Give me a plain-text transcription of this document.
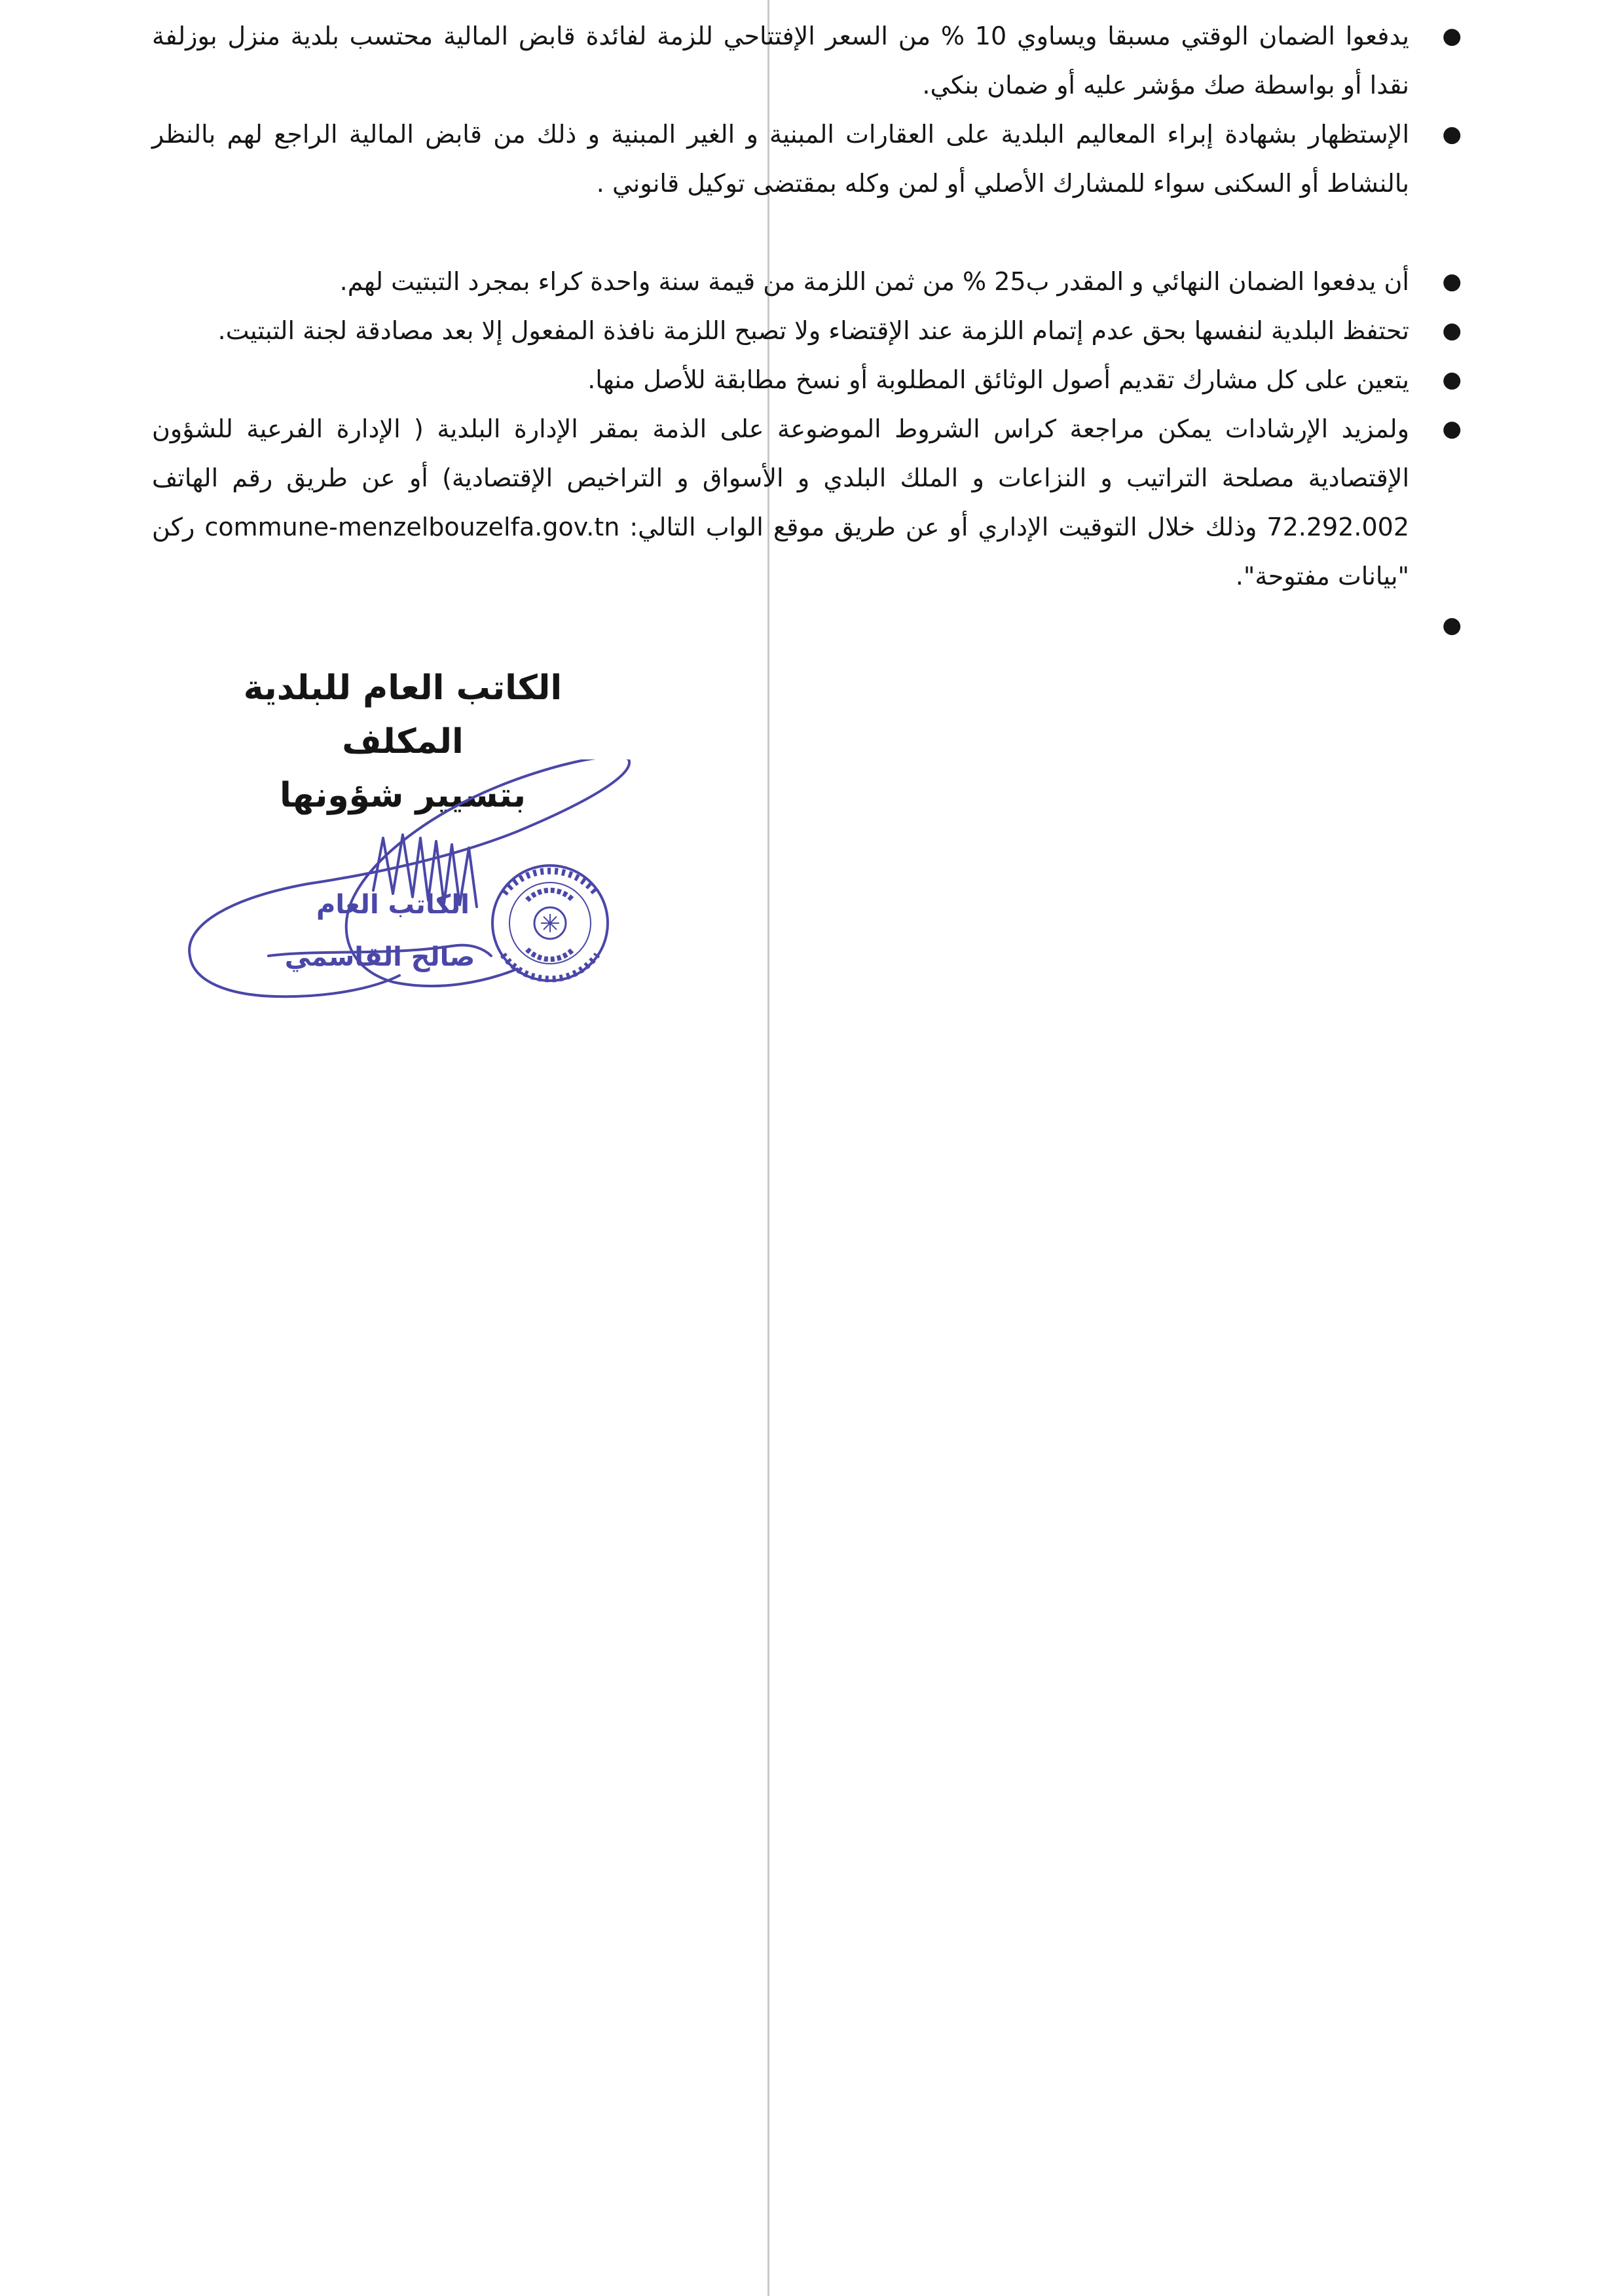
●
يدفعوا الضمان الوقتي مسبقا ويساوي 10 % من السعر الإفتتاحي للزمة لفائدة قابض المالية محتسب بلدية منزل بوزلفة نقدا أو بواسطة صك مؤشر عليه أو ضمان بنكي.
●
الإستظهار بشهادة إبراء المعاليم البلدية على العقارات المبنية و الغير المبنية و ذلك من قابض المالية الراجع لهم بالنظر بالنشاط أو السكنى سواء للمشارك الأصلي أو لمن وكله بمقتضى توكيل قانوني .
●
أن يدفعوا الضمان النهائي و المقدر ب25 % من ثمن اللزمة من قيمة سنة واحدة كراء بمجرد التبتيت لهم.
●
تحتفظ البلدية لنفسها بحق عدم إتمام اللزمة عند الإقتضاء ولا تصبح اللزمة نافذة المفعول إلا بعد مصادقة لجنة التبتيت.
●
يتعين على كل مشارك تقديم أصول الوثائق المطلوبة أو نسخ مطابقة للأصل منها.
●
ولمزيد الإرشادات يمكن مراجعة كراس الشروط الموضوعة على الذمة بمقر الإدارة البلدية ( الإدارة الفرعية للشؤون الإقتصادية مصلحة التراتيب و النزاعات و الملك البلدي و الأسواق و التراخيص الإقتصادية) أو عن طريق رقم الهاتف 72.292.002 وذلك خلال التوقيت الإداري أو عن طريق موقع الواب التالي: commune-menzelbouzelfa.gov.tn ركن "بيانات مفتوحة".
●
الكاتب العام للبلدية المكلف
بتسيير شؤونها
الكاتب العام
صالح القاسمي
